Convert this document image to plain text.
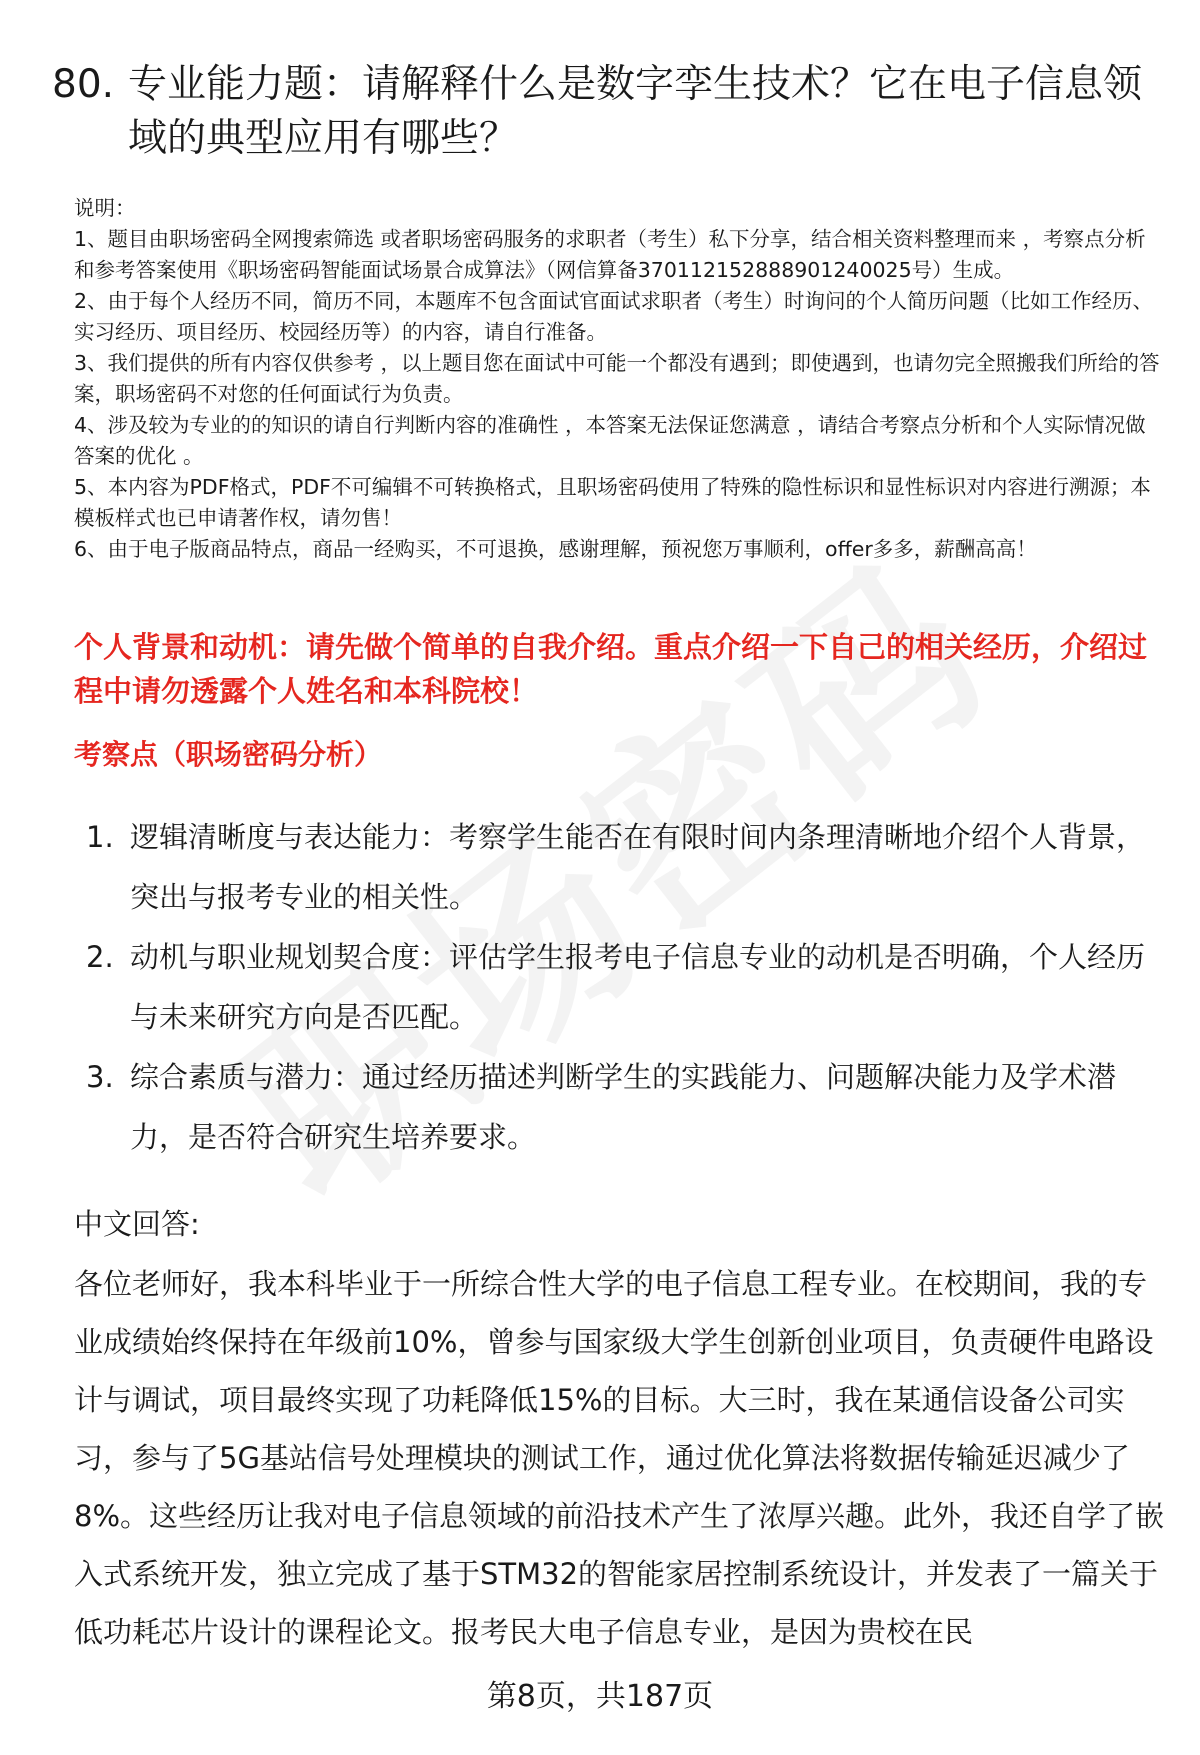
80. 专业能力题：请解释什么是数字孪生技术？它在电子信息领域的典型应用有哪些？

说明：

1、题目由职场密码全网搜索筛选 或者职场密码服务的求职者（考生）私下分享，结合相关资料整理而来 ，考察点分析和参考答案使用《职场密码智能面试场景合成算法》（网信算备370112152888901240025号）生成。

2、由于每个人经历不同，简历不同，本题库不包含面试官面试求职者（考生）时询问的个人简历问题（比如工作经历、实习经历、项目经历、校园经历等）的内容，请自行准备。

3、我们提供的所有内容仅供参考 ，以上题目您在面试中可能一个都没有遇到；即使遇到，也请勿完全照搬我们所给的答案，职场密码不对您的任何面试行为负责。

4、涉及较为专业的的知识的请自行判断内容的准确性 ，本答案无法保证您满意 ，请结合考察点分析和个人实际情况做答案的优化 。

5、本内容为PDF格式，PDF不可编辑不可转换格式，且职场密码使用了特殊的隐性标识和显性标识对内容进行溯源；本模板样式也已申请著作权，请勿售！

6、由于电子版商品特点，商品一经购买，不可退换，感谢理解，预祝您万事顺利，offer多多，薪酬高高！

个人背景和动机：请先做个简单的自我介绍。重点介绍一下自己的相关经历，介绍过程中请勿透露个人姓名和本科院校！
考察点（职场密码分析）
1. 逻辑清晰度与表达能力：考察学生能否在有限时间内条理清晰地介绍个人背景，突出与报考专业的相关性。
2. 动机与职业规划契合度：评估学生报考电子信息专业的动机是否明确，个人经历与未来研究方向是否匹配。
3. 综合素质与潜力：通过经历描述判断学生的实践能力、问题解决能力及学术潜力，是否符合研究生培养要求。
中文回答:

各位老师好，我本科毕业于一所综合性大学的电子信息工程专业。在校期间，我的专业成绩始终保持在年级前10%，曾参与国家级大学生创新创业项目，负责硬件电路设计与调试，项目最终实现了功耗降低15%的目标。大三时，我在某通信设备公司实习，参与了5G基站信号处理模块的测试工作，通过优化算法将数据传输延迟减少了8%。这些经历让我对电子信息领域的前沿技术产生了浓厚兴趣。此外，我还自学了嵌入式系统开发，独立完成了基于STM32的智能家居控制系统设计，并发表了一篇关于低功耗芯片设计的课程论文。报考民大电子信息专业，是因为贵校在民

第8页，共187页
